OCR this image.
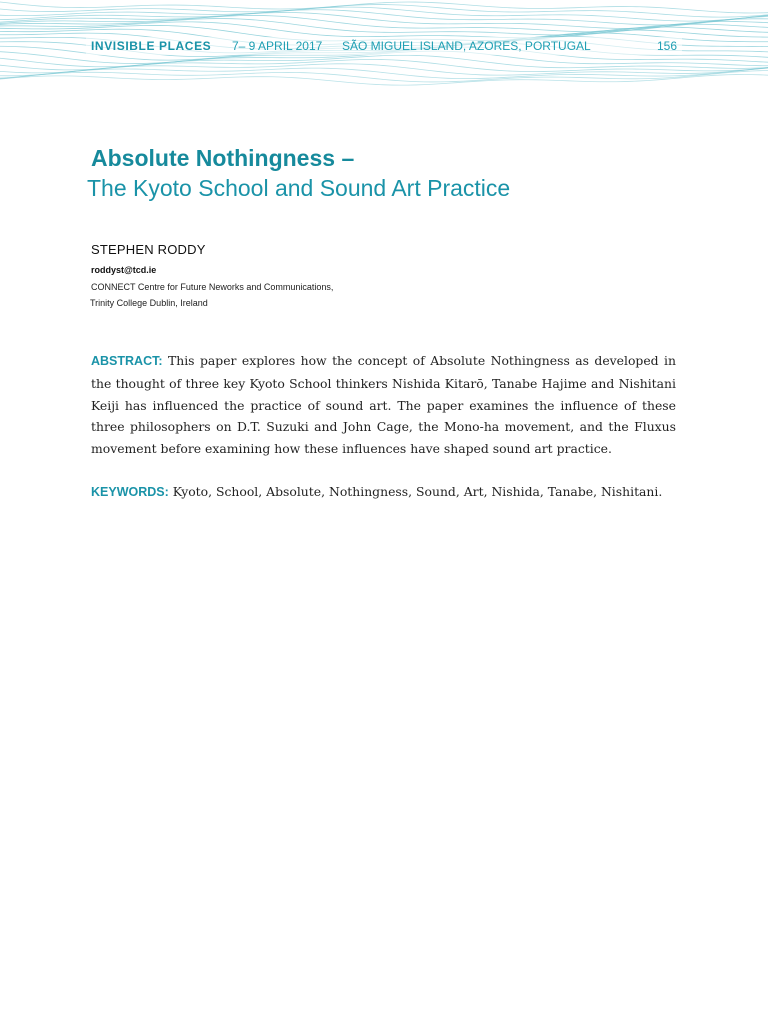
INVISIBLE PLACES 7– 9 APRIL 2017 SÃO MIGUEL ISLAND, AZORES, PORTUGAL	156
Absolute Nothingness –
The Kyoto School and Sound Art Practice
STEPHEN RODDY
roddyst@tcd.ie
CONNECT Centre for Future Neworks and Communications,
Trinity College Dublin, Ireland
ABSTRACT: This paper explores how the concept of Absolute Nothingness as developed in the thought of three key Kyoto School thinkers Nishida Kitarō, Tanabe Hajime and Nishitani Keiji has influenced the practice of sound art. The paper examines the influence of these three philosophers on D.T. Suzuki and John Cage, the Mono-ha movement, and the Fluxus movement before examining how these influences have shaped sound art practice.
KEYWORDS: Kyoto, School, Absolute, Nothingness, Sound, Art, Nishida, Tanabe, Nishitani.
